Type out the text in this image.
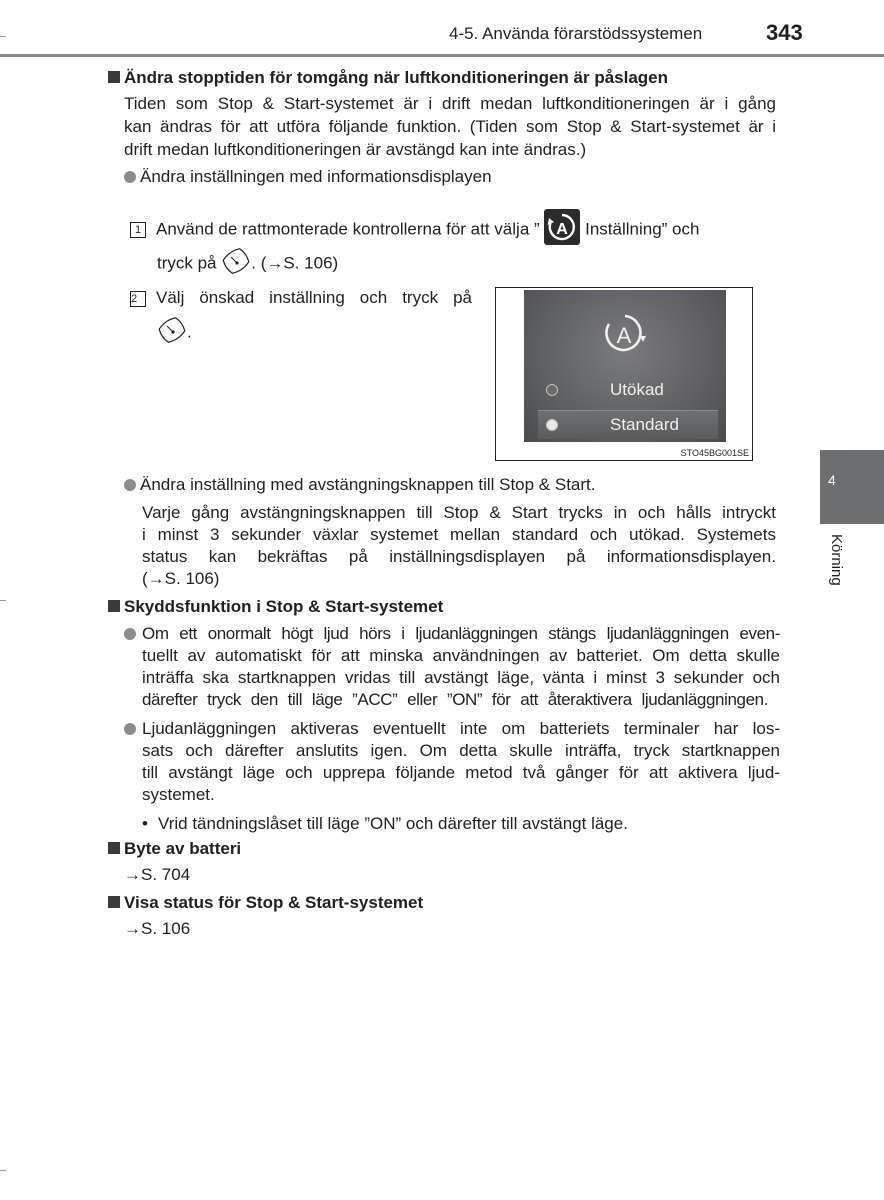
4-5. Använda förarstödssystemen	343
4
Körning
Ändra stopptiden för tomgång när luftkonditioneringen är påslagen
Tiden som Stop & Start-systemet är i drift medan luftkonditioneringen är i gång
kan ändras för att utföra följande funktion. (Tiden som Stop & Start-systemet är i
drift medan luftkonditioneringen är avstängd kan inte ändras.)
Ändra inställningen med informationsdisplayen
1 Använd de rattmonterade kontrollerna för att välja ” A Inställning” och
tryck på . (→S. 106)
2 Välj önskad inställning och tryck på
.	A
Utökad
Standard
STO45BG001SE
Ändra inställning med avstängningsknappen till Stop & Start.
Varje gång avstängningsknappen till Stop & Start trycks in och hålls intryckt
i minst 3 sekunder växlar systemet mellan standard och utökad. Systemets
status kan bekräftas på inställningsdisplayen på informationsdisplayen.
(→S. 106)
Skyddsfunktion i Stop & Start-systemet
Om ett onormalt högt ljud hörs i ljudanläggningen stängs ljudanläggningen even-
tuellt av automatiskt för att minska användningen av batteriet. Om detta skulle
inträffa ska startknappen vridas till avstängt läge, vänta i minst 3 sekunder och
därefter tryck den till läge ”ACC” eller ”ON” för att återaktivera ljudanläggningen.
Ljudanläggningen aktiveras eventuellt inte om batteriets terminaler har los-
sats och därefter anslutits igen. Om detta skulle inträffa, tryck startknappen
till avstängt läge och upprepa följande metod två gånger för att aktivera ljud-
systemet.
• Vrid tändningslåset till läge ”ON” och därefter till avstängt läge.
Byte av batteri
→S. 704
Visa status för Stop & Start-systemet
→S. 106
